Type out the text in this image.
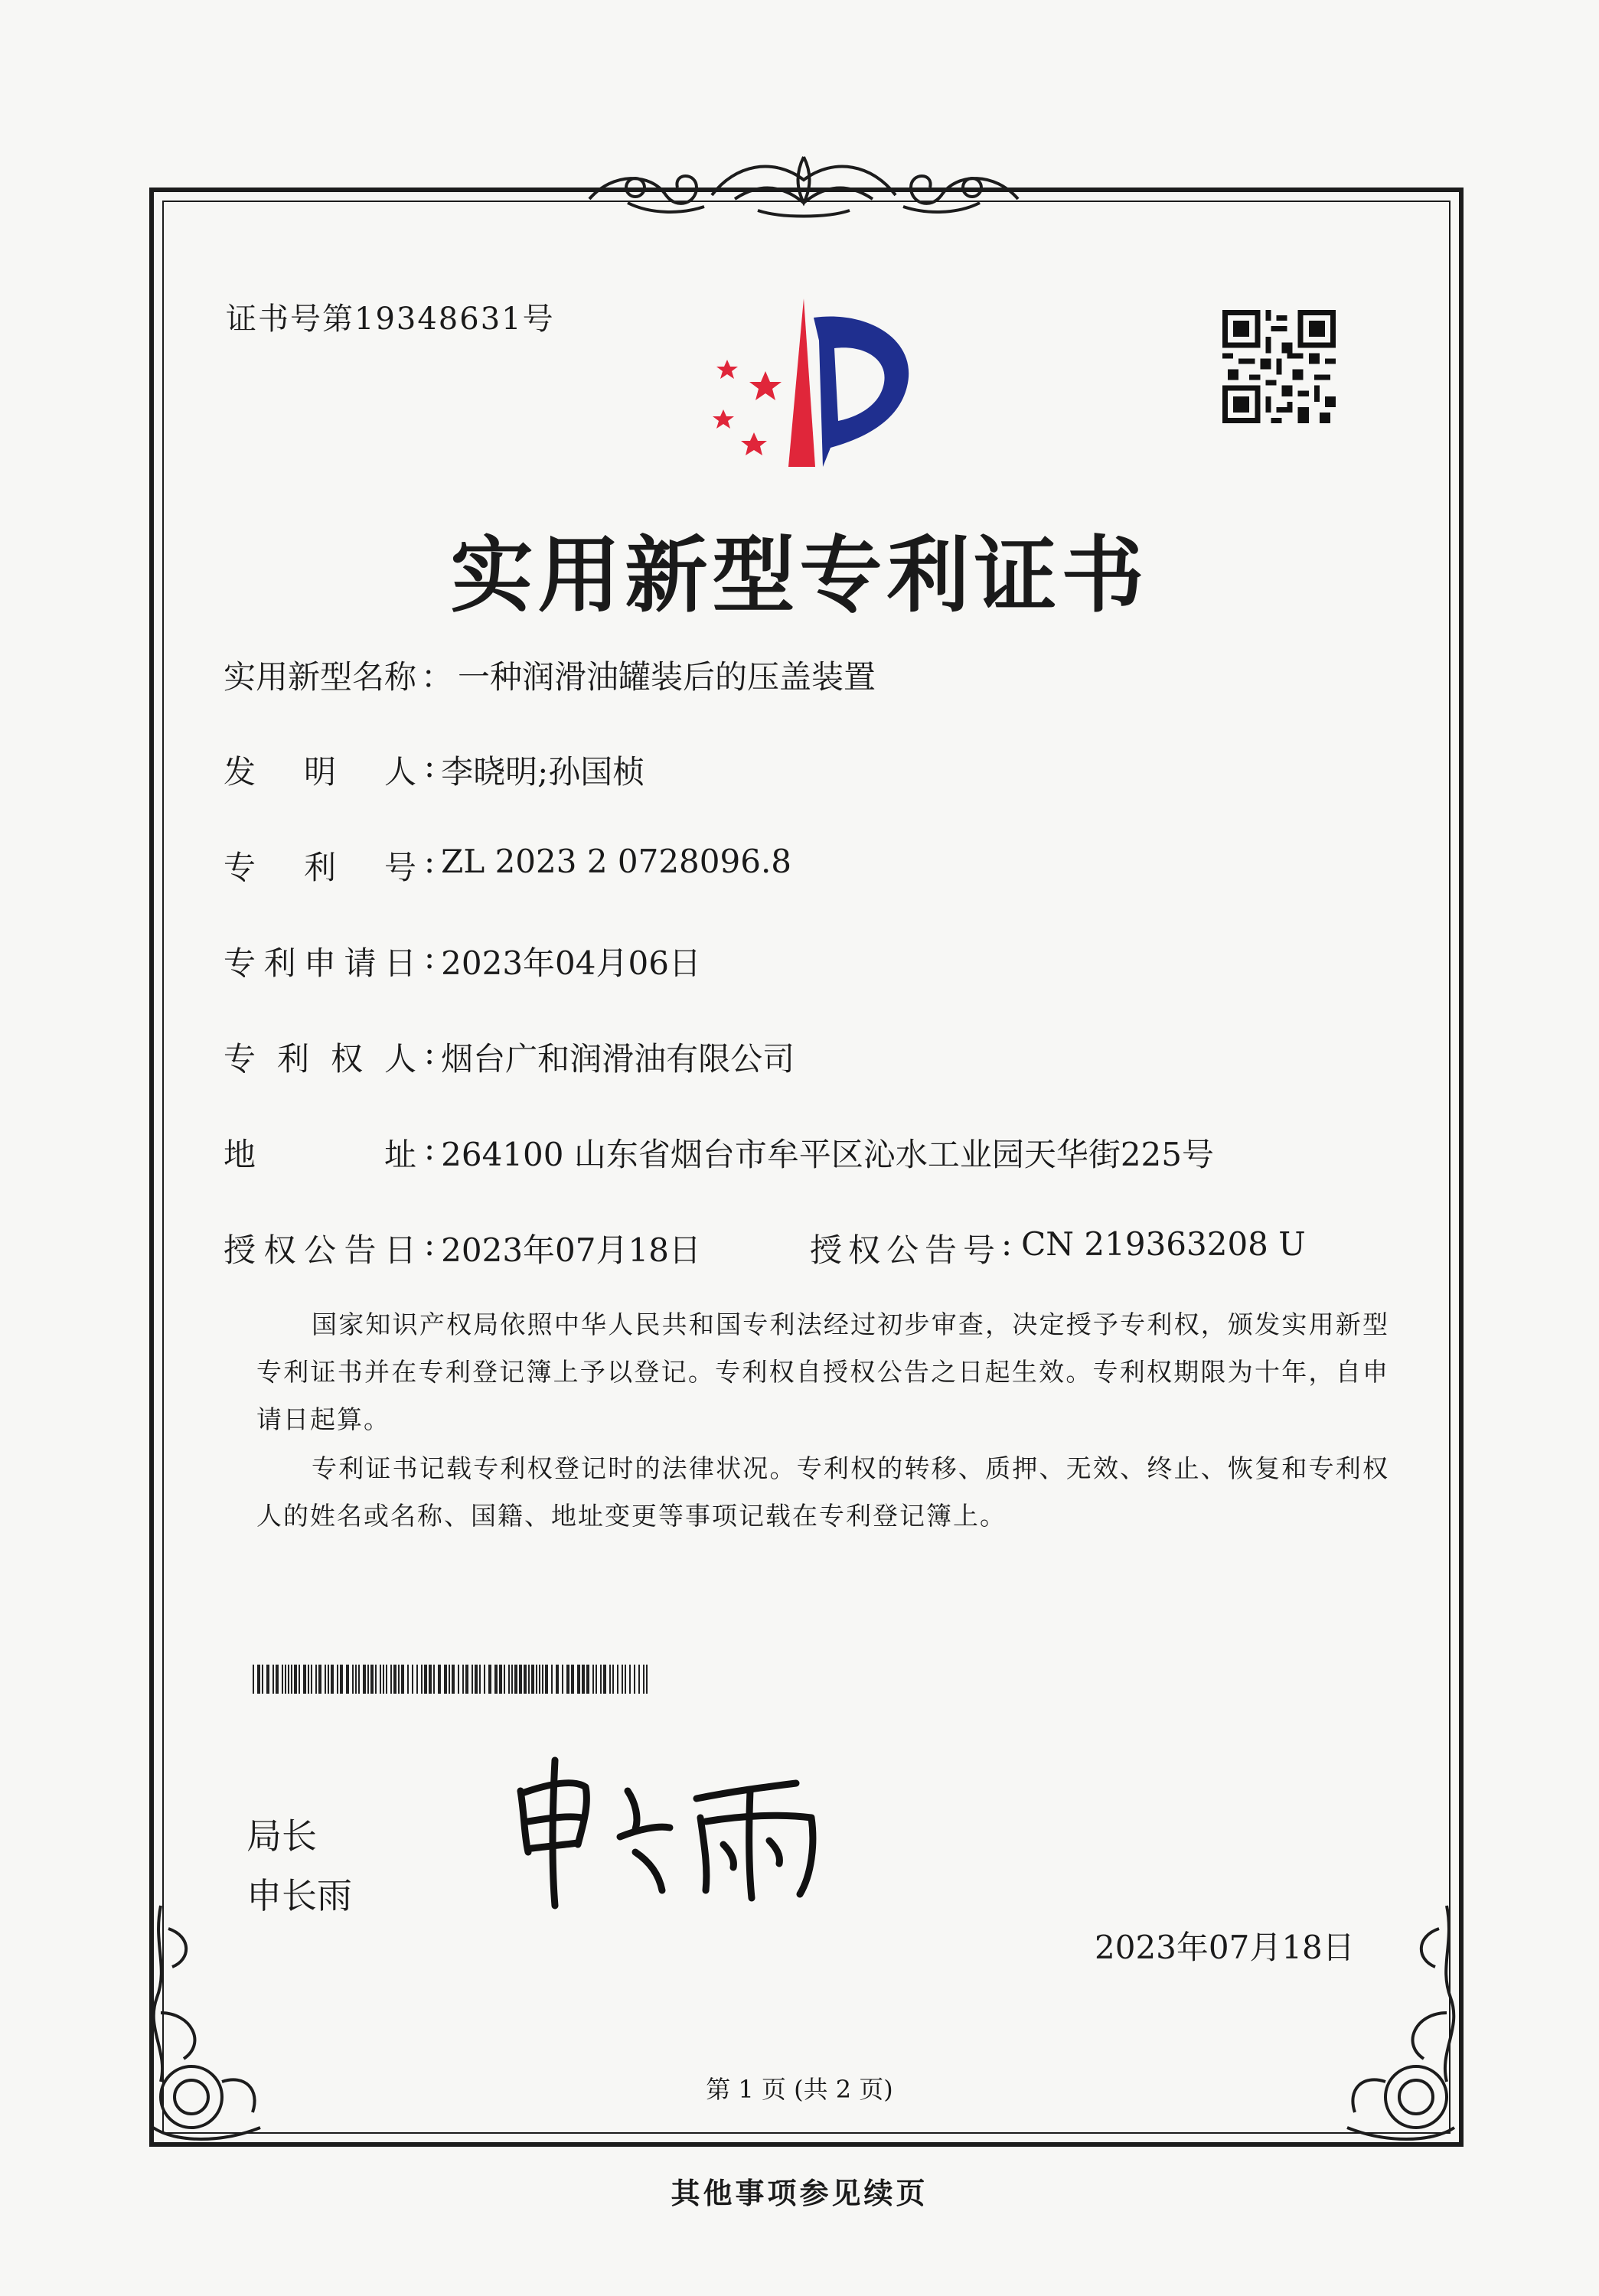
证书号第19348631号
实用新型专利证书
实用新型名称 ： 一种润滑油罐装后的压盖装置
发 明 人 : 李晓明;孙国桢
专 利 号 : ZL 2023 2 0728096.8
专 利 申 请 日 : 2023年04月06日
专 利 权 人 : 烟台广和润滑油有限公司
地	址 : 264100 山东省烟台市牟平区沁水工业园天华街225号
授 权 公 告 日 : 2023年07月18日	授权公告号 : CN 219363208 U

国家知识产权局依照中华人民共和国专利法经过初步审查，决定授予专利权，颁发实用新型专利证书并在专利登记簿上予以登记。专利权自授权公告之日起生效。专利权期限为十年，自申请日起算。

专利证书记载专利权登记时的法律状况。专利权的转移、质押、无效、终止、恢复和专利权人的姓名或名称、国籍、地址变更等事项记载在专利登记簿上。

局长
申长雨
2023年07月18日
第 1 页 (共 2 页)
其他事项参见续页
